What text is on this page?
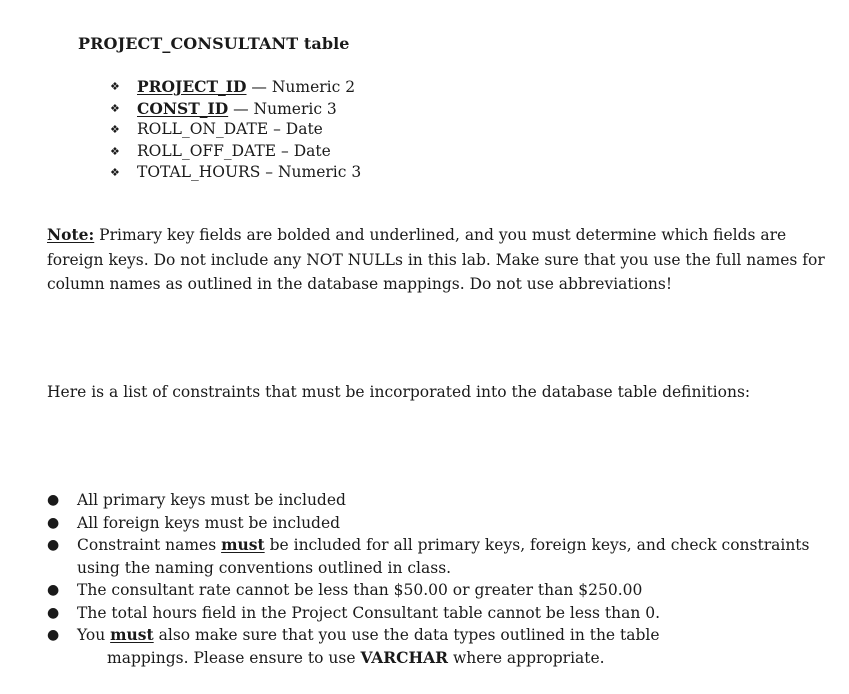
PROJECT_CONSULTANT table
❖ PROJECT_ID — Numeric 2
❖ CONST_ID — Numeric 3
❖ ROLL_ON_DATE – Date
❖ ROLL_OFF_DATE – Date
❖ TOTAL_HOURS – Numeric 3

Note: Primary key fields are bolded and underlined, and you must determine which fields are foreign keys. Do not include any NOT NULLs in this lab. Make sure that you use the full names for column names as outlined in the database mappings. Do not use abbreviations!

Here is a list of constraints that must be incorporated into the database table definitions:

● All primary keys must be included
● All foreign keys must be included
● Constraint names must be included for all primary keys, foreign keys, and check constraints using the naming conventions outlined in class.
● The consultant rate cannot be less than $50.00 or greater than $250.00
● The total hours field in the Project Consultant table cannot be less than 0.
● You must also make sure that you use the data types outlined in the table
mappings. Please ensure to use VARCHAR where appropriate.
